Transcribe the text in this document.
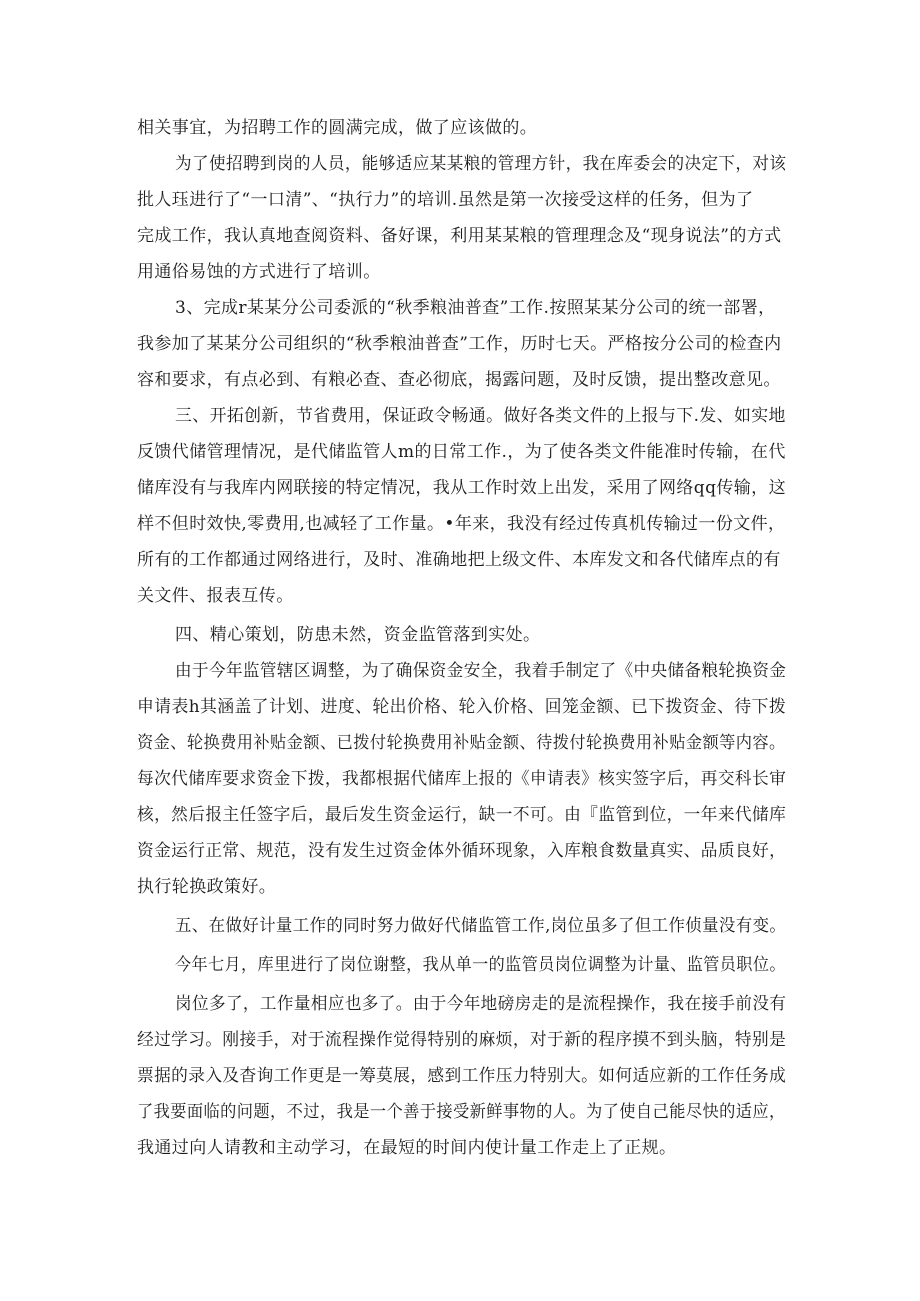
相关事宜，为招聘工作的圆满完成，做了应该做的。
为了使招聘到岗的人员，能够适应某某粮的管理方针，我在库委会的决定下，对该
批人珏进行了“一口清”、“执行力”的培训.虽然是第一次接受这样的任务，但为了
完成工作，我认真地查阅资料、备好课，利用某某粮的管理理念及“现身说法”的方式
用通俗易蚀的方式进行了培训。
3、完成r某某分公司委派的“秋季粮油普查”工作.按照某某分公司的统一部署，
我参加了某某分公司组织的“秋季粮油普查”工作，历时七天。严格按分公司的检查内
容和要求，有点必到、有粮必查、查必彻底，揭露问题，及时反馈，提出整改意见。
三、开拓创新，节省费用，保证政令畅通。做好各类文件的上报与下.发、如实地
反馈代储管理情况，是代储监管人m的日常工作.，为了使各类文件能准时传输，在代
储库没有与我库内网联接的特定情况，我从工作时效上出发，采用了网络qq传输，这
样不但时效快,零费用,也减轻了工作量。•年来，我没有经过传真机传输过一份文件，
所有的工作都通过网络进行，及时、准确地把上级文件、本库发文和各代储库点的有
关文件、报表互传。
四、精心策划，防患未然，资金监管落到实处。
由于今年监管辖区调整，为了确保资金安全，我着手制定了《中央储备粮轮换资金
申请表h其涵盖了计划、进度、轮出价格、轮入价格、回笼金额、已下拨资金、待下拨
资金、轮换费用补贴金额、已拨付轮换费用补贴金额、待拨付轮换费用补贴金额等内容。
每次代储库要求资金下拨，我都根据代储库上报的《申请表》核实签字后，再交科长审
核，然后报主任签字后，最后发生资金运行，缺一不可。由『监管到位，一年来代储库
资金运行正常、规范，没有发生过资金体外循环现象，入库粮食数量真实、品质良好，
执行轮换政策好。
五、在做好计量工作的同时努力做好代储监管工作,岗位虽多了但工作侦量没有变。
今年七月，库里进行了岗位谢整，我从单一的监管员岗位调整为计量、监管员职位。
岗位多了，工作量相应也多了。由于今年地磅房走的是流程操作，我在接手前没有
经过学习。刚接手，对于流程操作觉得特别的麻烦，对于新的程序摸不到头脑，特别是
票据的录入及杳询工作更是一筹莫展，感到工作压力特别大。如何适应新的工作任务成
了我要面临的问题，不过，我是一个善于接受新鲜事物的人。为了使自己能尽快的适应，
我通过向人请教和主动学习，在最短的时间内使计量工作走上了正规。
